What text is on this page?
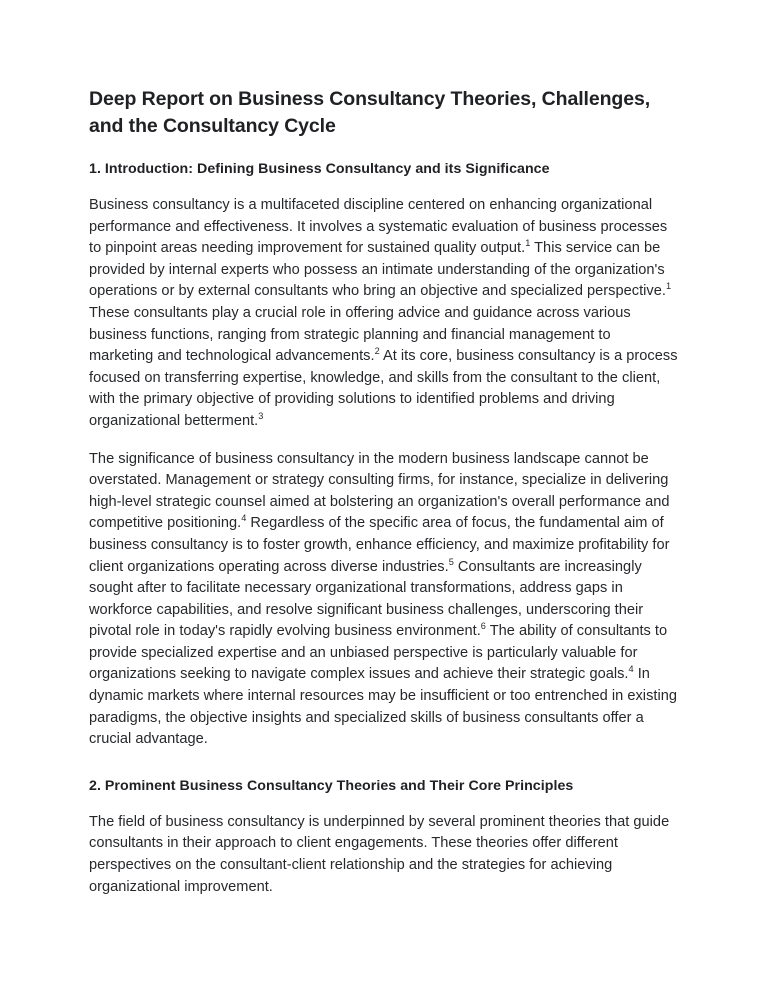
Deep Report on Business Consultancy Theories, Challenges, and the Consultancy Cycle
1. Introduction: Defining Business Consultancy and its Significance

Business consultancy is a multifaceted discipline centered on enhancing organizational performance and effectiveness. It involves a systematic evaluation of business processes to pinpoint areas needing improvement for sustained quality output.$^1$ This service can be provided by internal experts who possess an intimate understanding of the organization's operations or by external consultants who bring an objective and specialized perspective.$^1$ These consultants play a crucial role in offering advice and guidance across various business functions, ranging from strategic planning and financial management to marketing and technological advancements.$^2$ At its core, business consultancy is a process focused on transferring expertise, knowledge, and skills from the consultant to the client, with the primary objective of providing solutions to identified problems and driving organizational betterment.$^3$

The significance of business consultancy in the modern business landscape cannot be overstated. Management or strategy consulting firms, for instance, specialize in delivering high-level strategic counsel aimed at bolstering an organization's overall performance and competitive positioning.$^4$ Regardless of the specific area of focus, the fundamental aim of business consultancy is to foster growth, enhance efficiency, and maximize profitability for client organizations operating across diverse industries.$^5$ Consultants are increasingly sought after to facilitate necessary organizational transformations, address gaps in workforce capabilities, and resolve significant business challenges, underscoring their pivotal role in today's rapidly evolving business environment.$^6$ The ability of consultants to provide specialized expertise and an unbiased perspective is particularly valuable for organizations seeking to navigate complex issues and achieve their strategic goals.$^4$ In dynamic markets where internal resources may be insufficient or too entrenched in existing paradigms, the objective insights and specialized skills of business consultants offer a crucial advantage.

2. Prominent Business Consultancy Theories and Their Core Principles

The field of business consultancy is underpinned by several prominent theories that guide consultants in their approach to client engagements. These theories offer different perspectives on the consultant-client relationship and the strategies for achieving organizational improvement.
